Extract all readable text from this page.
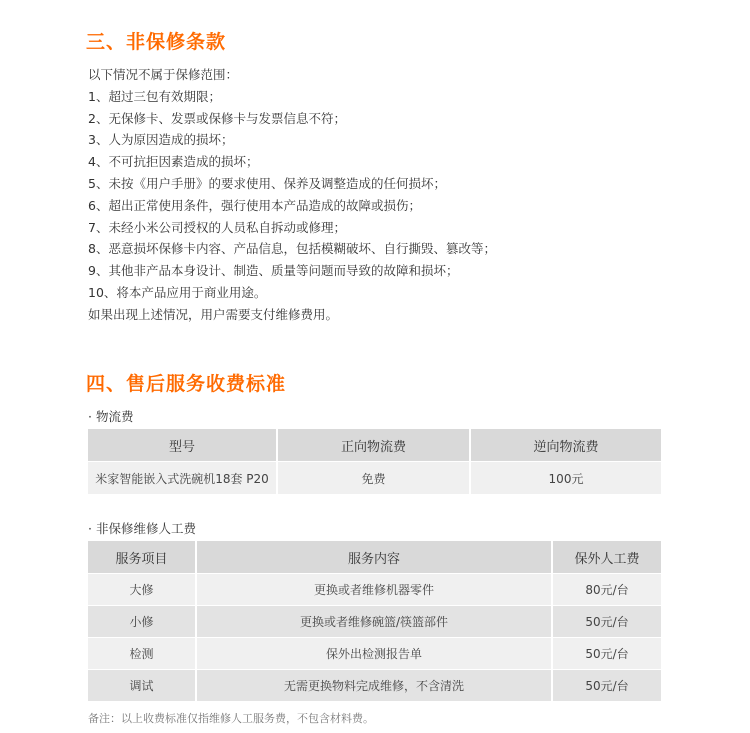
三、非保修条款
以下情况不属于保修范围：
1、超过三包有效期限；
2、无保修卡、发票或保修卡与发票信息不符；
3、人为原因造成的损坏；
4、不可抗拒因素造成的损坏；
5、未按《用户手册》的要求使用、保养及调整造成的任何损坏；
6、超出正常使用条件，强行使用本产品造成的故障或损伤；
7、未经小米公司授权的人员私自拆动或修理；
8、恶意损坏保修卡内容、产品信息，包括模糊破坏、自行撕毁、篡改等；
9、其他非产品本身设计、制造、质量等问题而导致的故障和损坏；
10、将本产品应用于商业用途。
如果出现上述情况，用户需要支付维修费用。
四、售后服务收费标准
· 物流费
型号	正向物流费	逆向物流费
米家智能嵌入式洗碗机18套 P20	免费	100元
· 非保修维修人工费
服务项目	服务内容	保外人工费
大修	更换或者维修机器零件	80元/台
小修	更换或者维修碗篮/筷篮部件	50元/台
检测	保外出检测报告单	50元/台
调试	无需更换物料完成维修，不含清洗	50元/台
备注：以上收费标准仅指维修人工服务费，不包含材料费。
